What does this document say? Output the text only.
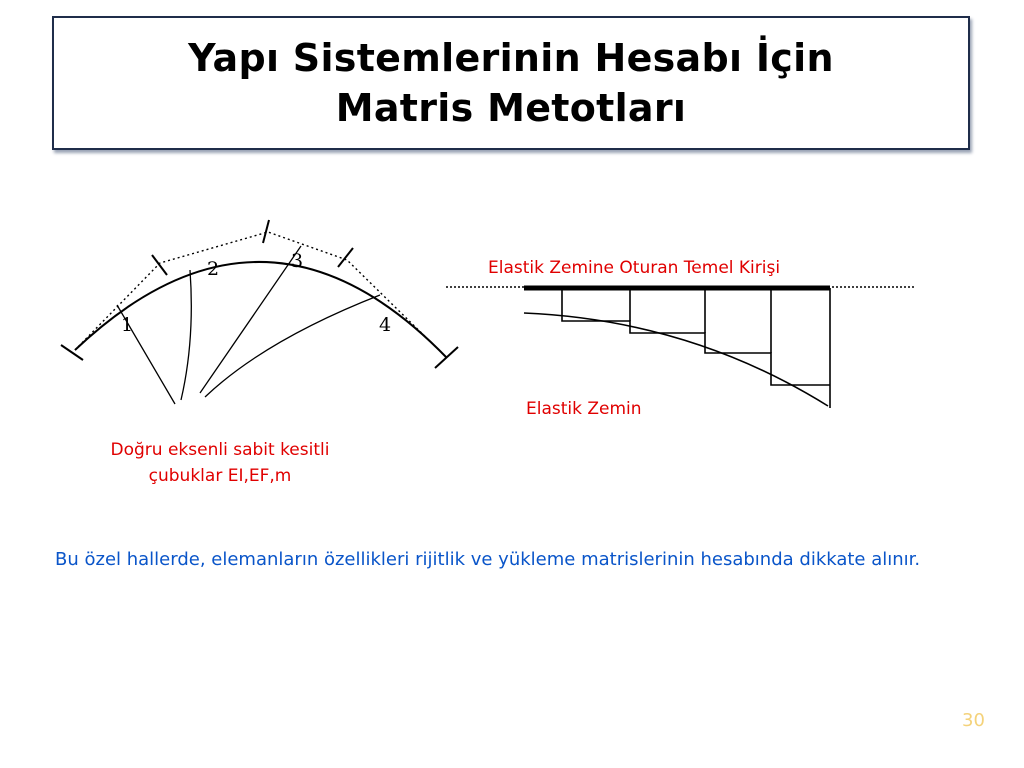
Yapı Sistemlerinin Hesabı İçin
Matris Metotları
1
2	3
4
Doğru eksenli sabit kesitli
çubuklar EI,EF,m
Elastik Zemine Oturan Temel Kirişi
Elastik Zemin
Bu özel hallerde, elemanların özellikleri rijitlik ve yükleme matrislerinin hesabında dikkate alınır.
30
